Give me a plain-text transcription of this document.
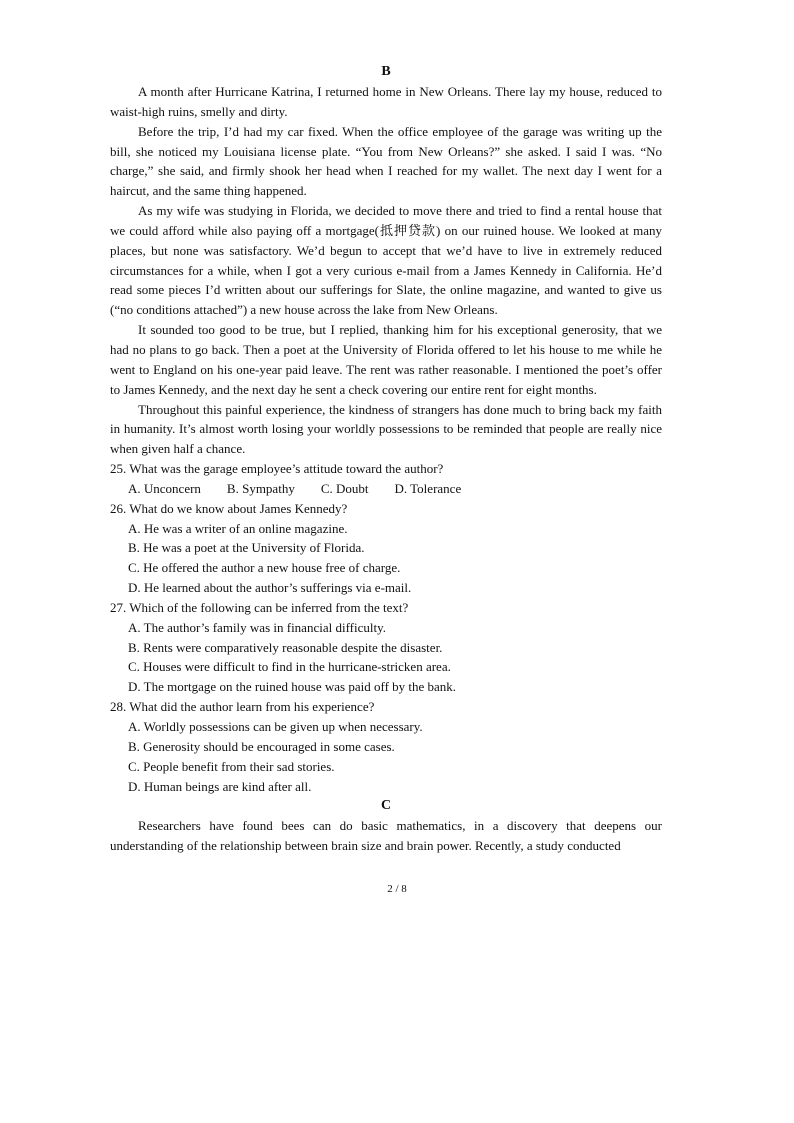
B

A month after Hurricane Katrina, I returned home in New Orleans. There lay my house, reduced to waist-high ruins, smelly and dirty.

Before the trip, I’d had my car fixed. When the office employee of the garage was writing up the bill, she noticed my Louisiana license plate. “You from New Orleans?” she asked. I said I was. “No charge,” she said, and firmly shook her head when I reached for my wallet. The next day I went for a haircut, and the same thing happened.

As my wife was studying in Florida, we decided to move there and tried to find a rental house that we could afford while also paying off a mortgage(抵押贷款) on our ruined house. We looked at many places, but none was satisfactory. We’d begun to accept that we’d have to live in extremely reduced circumstances for a while, when I got a very curious e-mail from a James Kennedy in California. He’d read some pieces I’d written about our sufferings for Slate, the online magazine, and wanted to give us (“no conditions attached”) a new house across the lake from New Orleans.

It sounded too good to be true, but I replied, thanking him for his exceptional generosity, that we had no plans to go back. Then a poet at the University of Florida offered to let his house to me while he went to England on his one-year paid leave. The rent was rather reasonable. I mentioned the poet’s offer to James Kennedy, and the next day he sent a check covering our entire rent for eight months.

Throughout this painful experience, the kindness of strangers has done much to bring back my faith in humanity. It’s almost worth losing your worldly possessions to be reminded that people are really nice when given half a chance.

25. What was the garage employee’s attitude toward the author?

A. Unconcern B. Sympathy C. Doubt D. Tolerance

26. What do we know about James Kennedy?

A. He was a writer of an online magazine.

B. He was a poet at the University of Florida.

C. He offered the author a new house free of charge.

D. He learned about the author’s sufferings via e-mail.

27. Which of the following can be inferred from the text?

A. The author’s family was in financial difficulty.

B. Rents were comparatively reasonable despite the disaster.

C. Houses were difficult to find in the hurricane-stricken area.

D. The mortgage on the ruined house was paid off by the bank.

28. What did the author learn from his experience?

A. Worldly possessions can be given up when necessary.

B. Generosity should be encouraged in some cases.

C. People benefit from their sad stories.

D. Human beings are kind after all.

C

Researchers have found bees can do basic mathematics, in a discovery that deepens our understanding of the relationship between brain size and brain power. Recently, a study conducted

2 / 8
